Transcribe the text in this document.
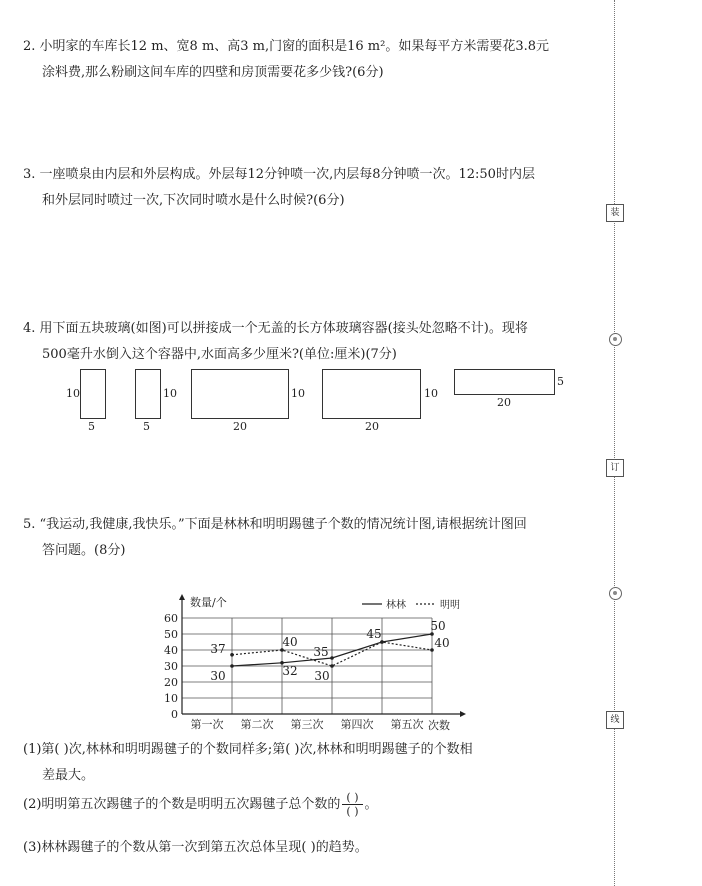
装
订
线

2. 小明家的车库长12 m、宽8 m、高3 m,门窗的面积是16 m²。如果每平方米需要花3.8元

涂料费,那么粉刷这间车库的四壁和房顶需要花多少钱?(6分)

3. 一座喷泉由内层和外层构成。外层每12分钟喷一次,内层每8分钟喷一次。12:50时内层

和外层同时喷过一次,下次同时喷水是什么时候?(6分)

4. 用下面五块玻璃(如图)可以拼接成一个无盖的长方体玻璃容器(接头处忽略不计)。现将

500毫升水倒入这个容器中,水面高多少厘米?(单位:厘米)(7分)

10
5
10
5
10
20
10
20
5
20

5. “我运动,我健康,我快乐。”下面是林林和明明踢毽子个数的情况统计图,请根据统计图回

答问题。(8分)

数量/个
次数
林林	明明
0
10
20
30
40
50
60
第一次 第二次 第三次 第四次 第五次
37
30
40
32
35
30
45
50
40

(1)第( )次,林林和明明踢毽子的个数同样多;第( )次,林林和明明踢毽子的个数相

差最大。

(2)明明第五次踢毽子的个数是明明五次踢毽子总个数的 $\frac{( )}{( )}$ 。

(3)林林踢毽子的个数从第一次到第五次总体呈现( )的趋势。
